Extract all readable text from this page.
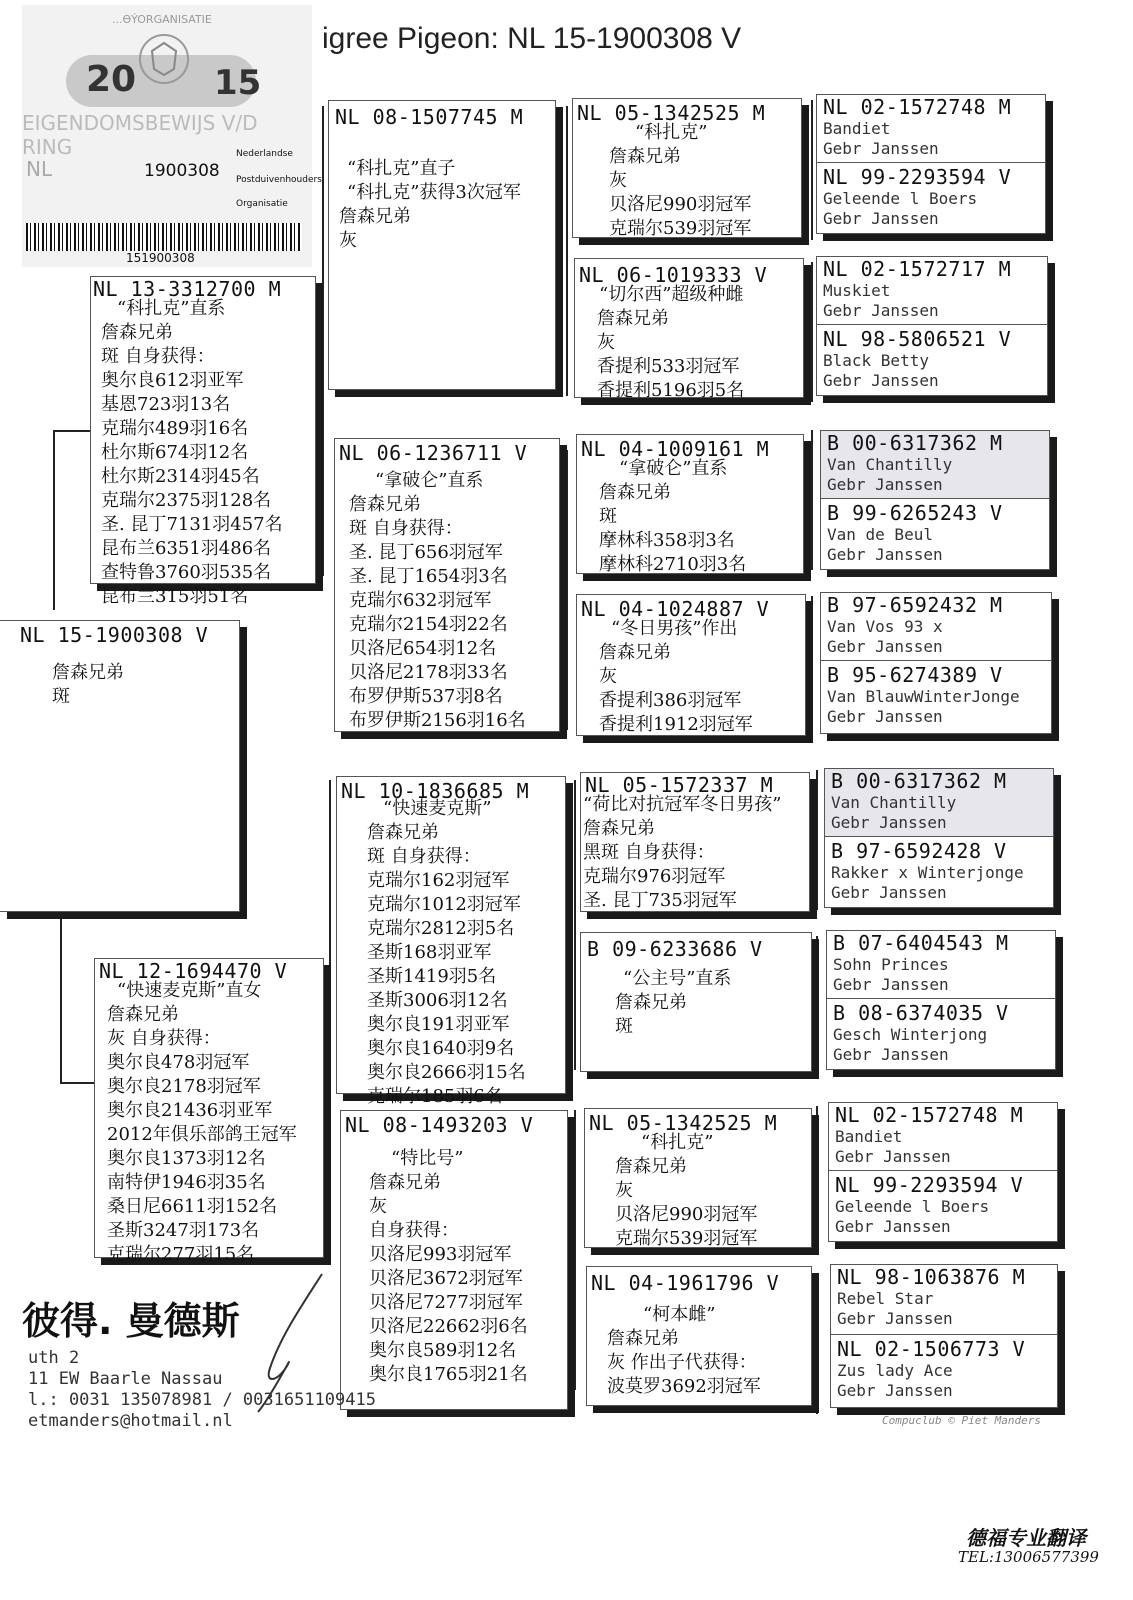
igree Pigeon: NL 15-1900308 V
...ӨÝORGANISATIE
20 15
EIGENDOMSBEWIJS V/D RING
NL	1900308
Nederlandse
Postduivenhouders
Organisatie
151900308
NL 15-1900308 V
詹森兄弟
斑
NL 13-3312700 M
“科扎克”直系
詹森兄弟
斑 自身获得：
奥尔良612羽亚军
基恩723羽13名
克瑞尔489羽16名
杜尔斯674羽12名
杜尔斯2314羽45名
克瑞尔2375羽128名
圣. 昆丁7131羽457名
昆布兰6351羽486名
查特鲁3760羽535名
昆布兰315羽51名
NL 12-1694470 V
“快速麦克斯”直女
詹森兄弟
灰 自身获得：
奥尔良478羽冠军
奥尔良2178羽冠军
奥尔良21436羽亚军
2012年俱乐部鸽王冠军
奥尔良1373羽12名
南特伊1946羽35名
桑日尼6611羽152名
圣斯3247羽173名
克瑞尔277羽15名
NL 08-1507745 M
“科扎克”直子
“科扎克”获得3次冠军
詹森兄弟
灰
NL 06-1236711 V
“拿破仑”直系
詹森兄弟
斑 自身获得：
圣. 昆丁656羽冠军
圣. 昆丁1654羽3名
克瑞尔632羽冠军
克瑞尔2154羽22名
贝洛尼654羽12名
贝洛尼2178羽33名
布罗伊斯537羽8名
布罗伊斯2156羽16名
NL 10-1836685 M
“快速麦克斯”
詹森兄弟
斑 自身获得：
克瑞尔162羽冠军
克瑞尔1012羽冠军
克瑞尔2812羽5名
圣斯168羽亚军
圣斯1419羽5名
圣斯3006羽12名
奥尔良191羽亚军
奥尔良1640羽9名
奥尔良2666羽15名
克瑞尔185羽6名
NL 08-1493203 V
“特比号”
詹森兄弟
灰
自身获得：
贝洛尼993羽冠军
贝洛尼3672羽冠军
贝洛尼7277羽冠军
贝洛尼22662羽6名
奥尔良589羽12名
奥尔良1765羽21名
NL 05-1342525 M
“科扎克”
詹森兄弟
灰
贝洛尼990羽冠军
克瑞尔539羽冠军
NL 06-1019333 V
“切尔西”超级种雌
詹森兄弟
灰
香提利533羽冠军
香提利5196羽5名
NL 04-1009161 M
“拿破仑”直系
詹森兄弟
斑
摩林科358羽3名
摩林科2710羽3名
NL 04-1024887 V
“冬日男孩”作出
詹森兄弟
灰
香提利386羽冠军
香提利1912羽冠军
NL 05-1572337 M
“荷比对抗冠军冬日男孩”
詹森兄弟
黑斑 自身获得：
克瑞尔976羽冠军
圣. 昆丁735羽冠军
B 09-6233686 V
“公主号”直系
詹森兄弟
斑
NL 05-1342525 M
“科扎克”
詹森兄弟
灰
贝洛尼990羽冠军
克瑞尔539羽冠军
NL 04-1961796 V
“柯本雌”
詹森兄弟
灰 作出子代获得：
波莫罗3692羽冠军
NL 02-1572748 M
Bandiet
Gebr Janssen
NL 99-2293594 V
Geleende l Boers
Gebr Janssen
NL 02-1572717 M
Muskiet
Gebr Janssen
NL 98-5806521 V
Black Betty
Gebr Janssen
B 00-6317362 M
Van Chantilly
Gebr Janssen
B 99-6265243 V
Van de Beul
Gebr Janssen
B 97-6592432 M
Van Vos 93 x
Gebr Janssen
B 95-6274389 V
Van BlauwWinterJonge
Gebr Janssen
B 00-6317362 M
Van Chantilly
Gebr Janssen
B 97-6592428 V
Rakker x Winterjonge
Gebr Janssen
B 07-6404543 M
Sohn Princes
Gebr Janssen
B 08-6374035 V
Gesch Winterjong
Gebr Janssen
NL 02-1572748 M
Bandiet
Gebr Janssen
NL 99-2293594 V
Geleende l Boers
Gebr Janssen
NL 98-1063876 M
Rebel Star
Gebr Janssen
NL 02-1506773 V
Zus lady Ace
Gebr Janssen
彼得. 曼德斯
uth 2
11 EW Baarle Nassau
l.: 0031 135078981 / 0031651109415
etmanders@hotmail.nl	Compuclub © Piet Manders
德福专业翻译
TEL:13006577399
